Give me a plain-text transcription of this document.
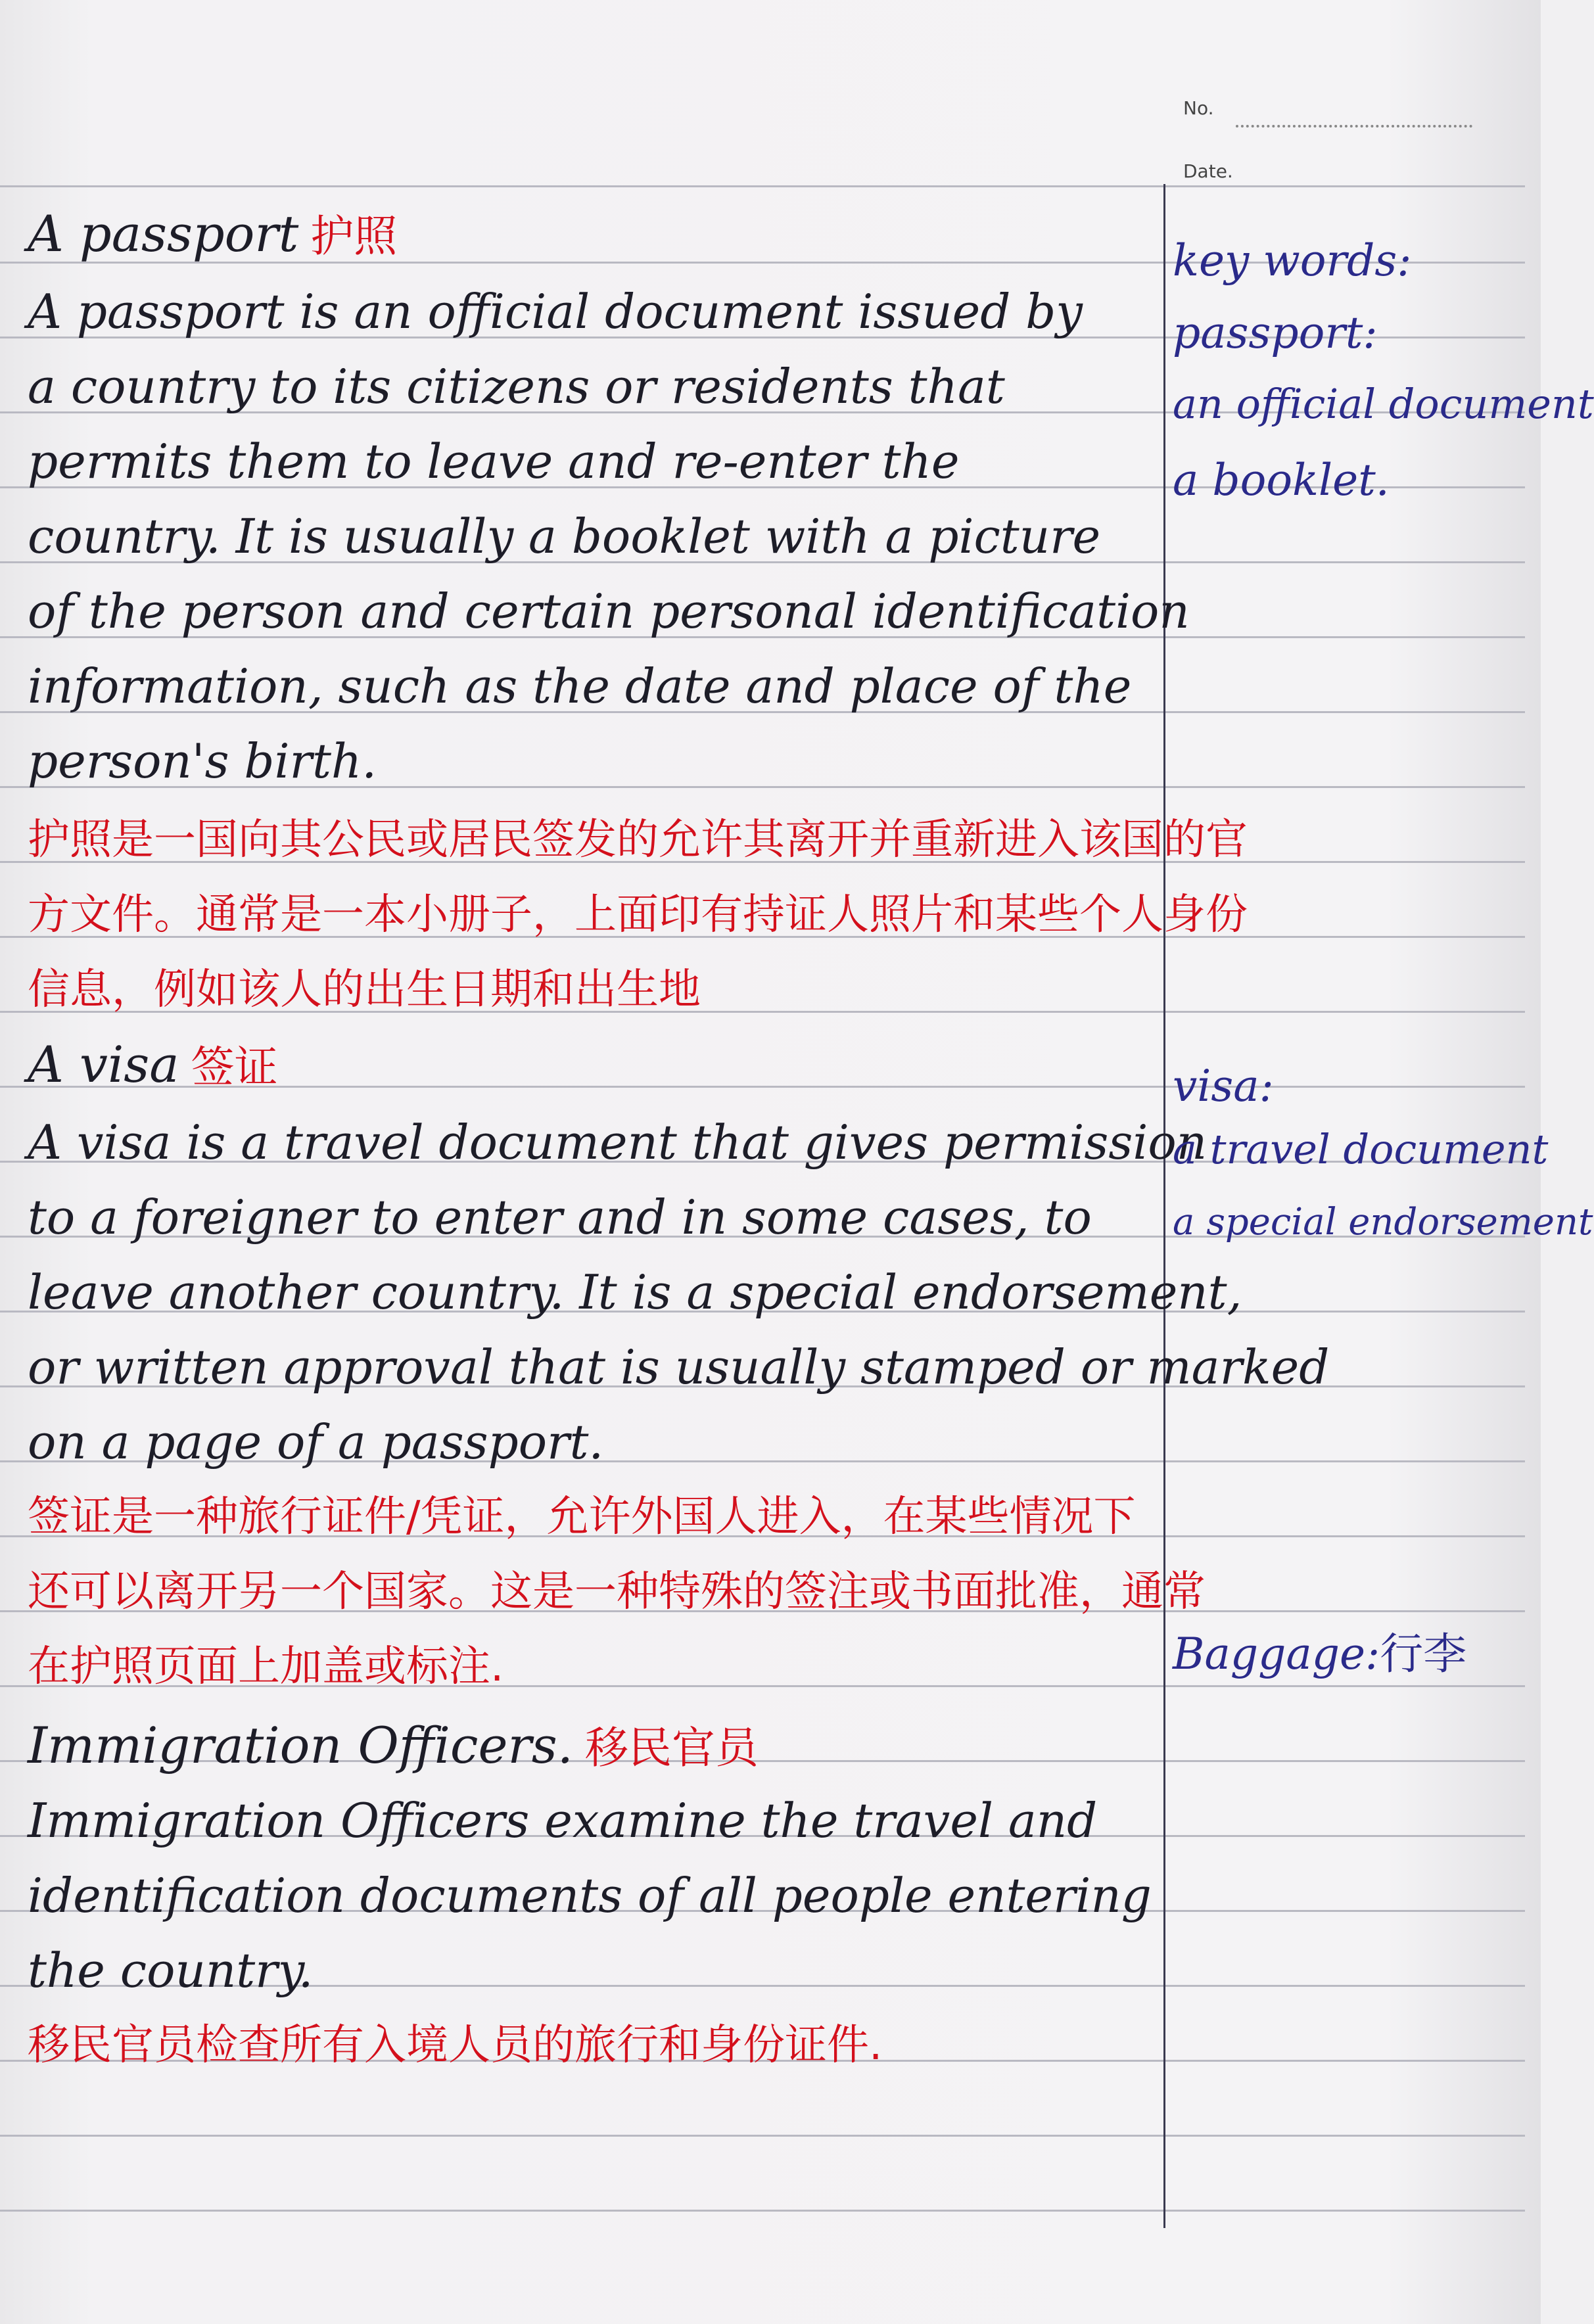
No.
Date.
A passport 护照
A passport is an official document issued by
a country to its citizens or residents that
permits them to leave and re-enter the
country. It is usually a booklet with a picture
of the person and certain personal identification
information, such as the date and place of the
person's birth.
护照是一国向其公民或居民签发的允许其离开并重新进入该国的官
方文件。通常是一本小册子，上面印有持证人照片和某些个人身份
信息，例如该人的出生日期和出生地
A visa 签证
A visa is a travel document that gives permission
to a foreigner to enter and in some cases, to
leave another country. It is a special endorsement,
or written approval that is usually stamped or marked
on a page of a passport.
签证是一种旅行证件/凭证，允许外国人进入，在某些情况下
还可以离开另一个国家。这是一种特殊的签注或书面批准，通常
在护照页面上加盖或标注.
Immigration Officers. 移民官员
Immigration Officers examine the travel and
identification documents of all people entering
the country.
移民官员检查所有入境人员的旅行和身份证件.
key words:
passport:
an official document
a booklet.
visa:
a travel document
a special endorsement
Baggage:行李
